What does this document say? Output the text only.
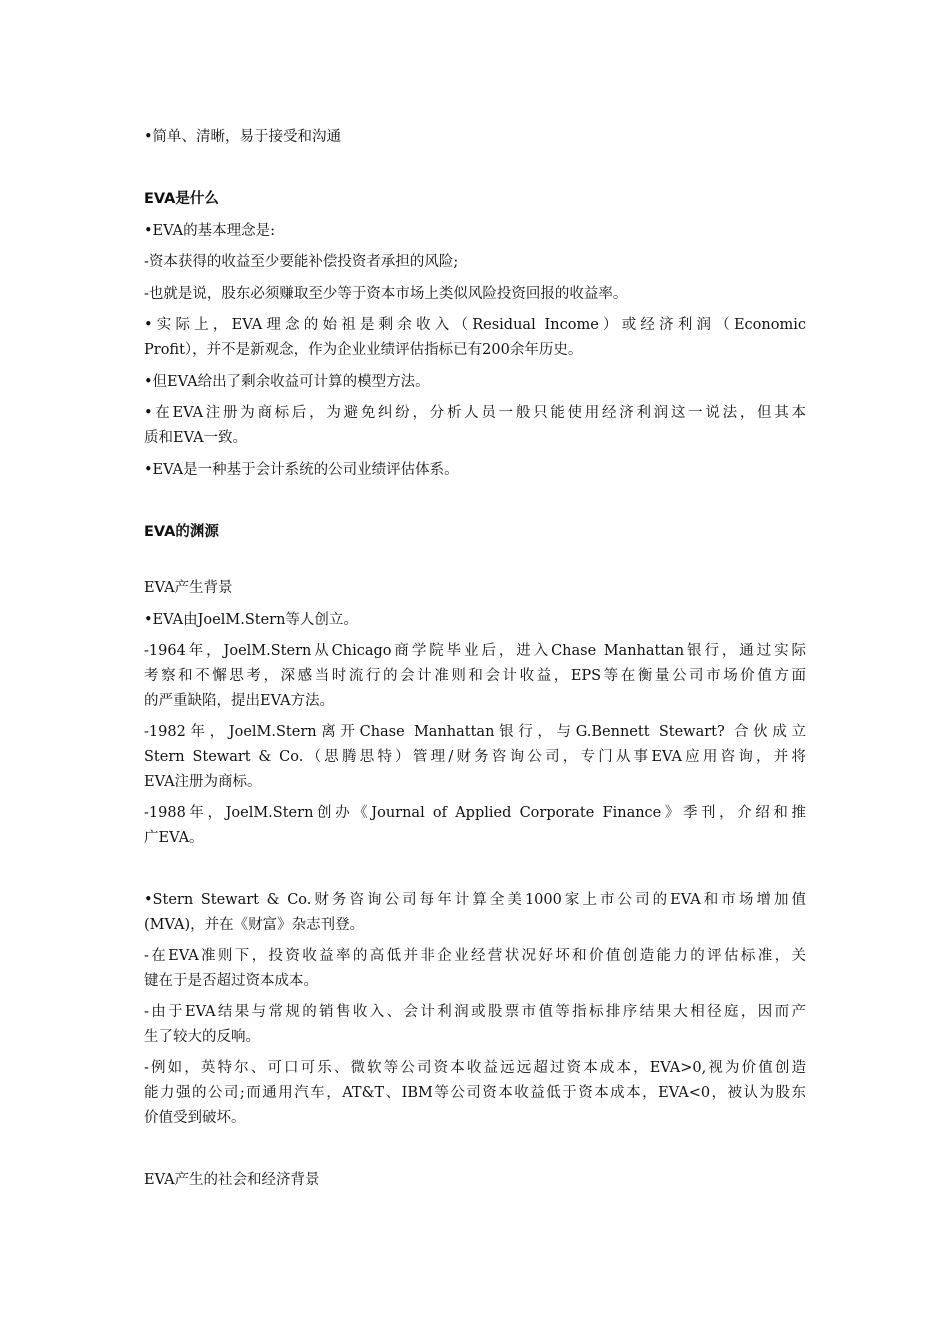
•简单、清晰，易于接受和沟通
EVA是什么
•EVA的基本理念是:
-资本获得的收益至少要能补偿投资者承担的风险;
-也就是说，股东必须赚取至少等于资本市场上类似风险投资回报的收益率。
•实际上，EVA理念的始祖是剩余收入（Residual Income）或经济利润（Economic
Profit），并不是新观念，作为企业业绩评估指标已有200余年历史。
•但EVA给出了剩余收益可计算的模型方法。
•在EVA注册为商标后，为避免纠纷，分析人员一般只能使用经济利润这一说法，但其本
质和EVA一致。
•EVA是一种基于会计系统的公司业绩评估体系。
EVA的渊源
EVA产生背景
•EVA由JoelM.Stern等人创立。
-1964年，JoelM.Stern从Chicago商学院毕业后，进入Chase Manhattan银行，通过实际
考察和不懈思考，深感当时流行的会计准则和会计收益，EPS等在衡量公司市场价值方面
的严重缺陷，提出EVA方法。
-1982年，JoelM.Stern离开Chase Manhattan银行，与G.Bennett Stewart? 合伙成立
Stern Stewart & Co.（思腾思特）管理/财务咨询公司，专门从事EVA应用咨询，并将
EVA注册为商标。
-1988年，JoelM.Stern创办《Journal of Applied Corporate Finance》季刊，介绍和推
广EVA。
•Stern Stewart & Co.财务咨询公司每年计算全美1000家上市公司的EVA和市场增加值
(MVA)，并在《财富》杂志刊登。
-在EVA准则下，投资收益率的高低并非企业经营状况好坏和价值创造能力的评估标准，关
键在于是否超过资本成本。
-由于EVA结果与常规的销售收入、会计利润或股票市值等指标排序结果大相径庭，因而产
生了较大的反响。
-例如，英特尔、可口可乐、微软等公司资本收益远远超过资本成本，EVA>0,视为价值创造
能力强的公司;而通用汽车，AT&T、IBM等公司资本收益低于资本成本，EVA<0，被认为股东
价值受到破坏。
EVA产生的社会和经济背景
